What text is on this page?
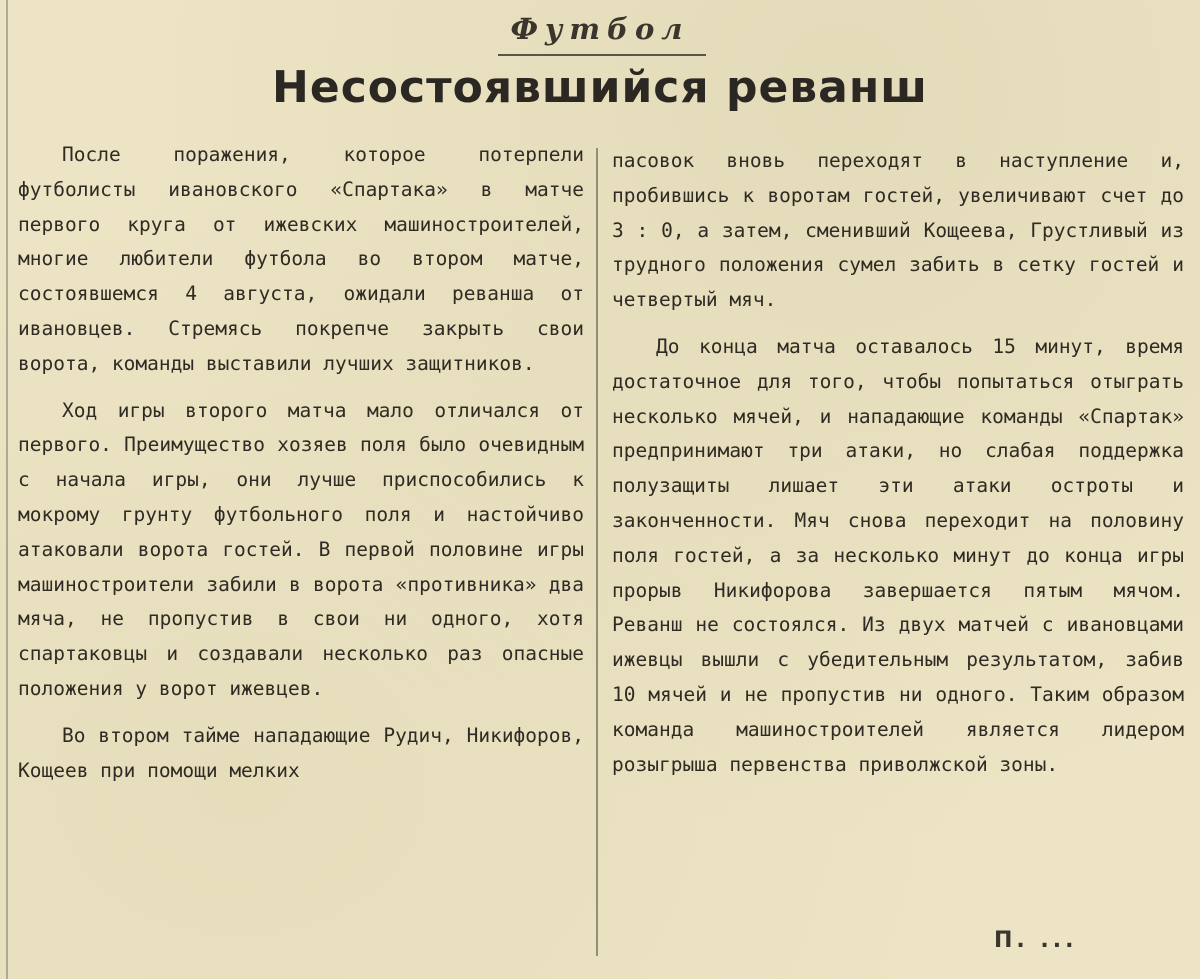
Футбол
Несостоявшийся реванш

После поражения, которое потерпели футболисты ивановского «Спартака» в матче первого круга от ижевских машиностроителей, многие любители футбола во втором матче, состоявшемся 4 августа, ожидали реванша от ивановцев. Стремясь покрепче закрыть свои ворота, команды выставили лучших защитников.

Ход игры второго матча мало отличался от первого. Преимущество хозяев поля было очевидным с начала игры, они лучше приспособились к мокрому грунту футбольного поля и настойчиво атаковали ворота гостей. В первой половине игры машиностроители забили в ворота «противника» два мяча, не пропустив в свои ни одного, хотя спартаковцы и создавали несколько раз опасные положения у ворот ижевцев.

Во втором тайме нападающие Рудич, Никифоров, Кощеев при помощи мелких

пасовок вновь переходят в наступление и, пробившись к воротам гостей, увеличивают счет до 3 : 0, а затем, сменивший Кощеева, Грустливый из трудного положения сумел забить в сетку гостей и четвертый мяч.

До конца матча оставалось 15 минут, время достаточное для того, чтобы попытаться отыграть несколько мячей, и нападающие команды «Спартак» предпринимают три атаки, но слабая поддержка полузащиты лишает эти атаки остроты и законченности. Мяч снова переходит на половину поля гостей, а за несколько минут до конца игры прорыв Никифорова завершается пятым мячом. Реванш не состоялся. Из двух матчей с ивановцами ижевцы вышли с убедительным результатом, забив 10 мячей и не пропустив ни одного. Таким образом команда машиностроителей является лидером розыгрыша первенства приволжской зоны.

П. ...
